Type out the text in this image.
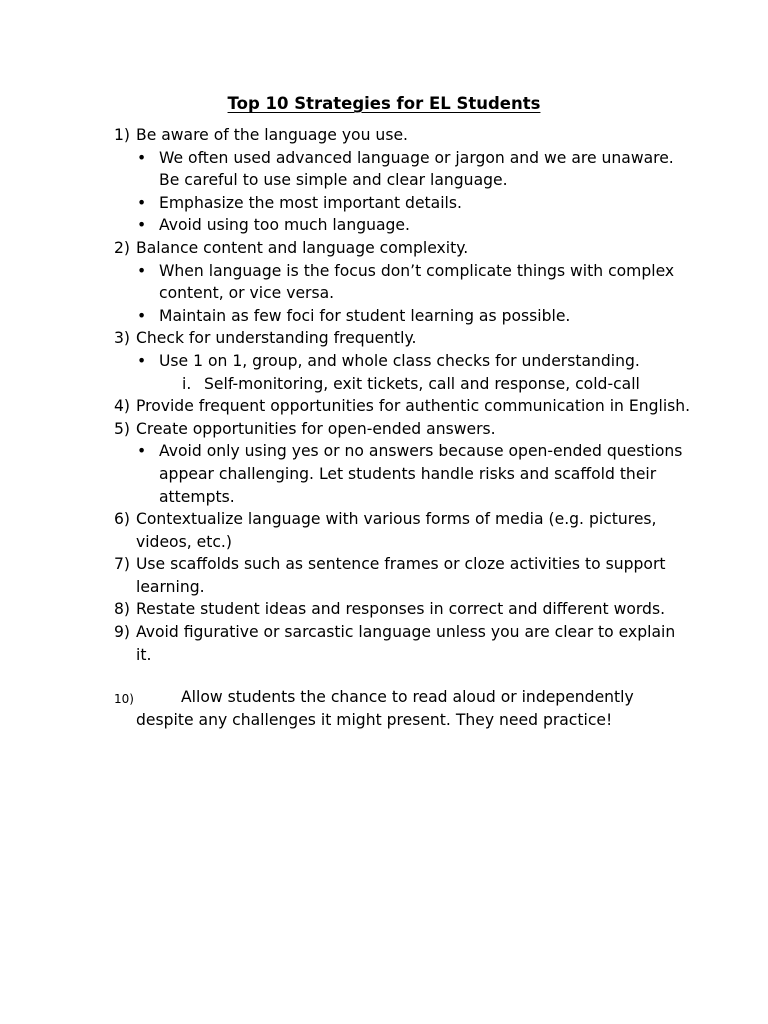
Top 10 Strategies for EL Students
1) Be aware of the language you use.
• We often used advanced language or jargon and we are unaware. Be careful to use simple and clear language.
• Emphasize the most important details.
• Avoid using too much language.
2) Balance content and language complexity.
• When language is the focus don’t complicate things with complex content, or vice versa.
• Maintain as few foci for student learning as possible.
3) Check for understanding frequently.
• Use 1 on 1, group, and whole class checks for understanding.
i. Self-monitoring, exit tickets, call and response, cold-call
4) Provide frequent opportunities for authentic communication in English.
5) Create opportunities for open-ended answers.
• Avoid only using yes or no answers because open-ended questions appear challenging. Let students handle risks and scaffold their attempts.
6) Contextualize language with various forms of media (e.g. pictures, videos, etc.)
7) Use scaffolds such as sentence frames or cloze activities to support learning.
8) Restate student ideas and responses in correct and different words.
9) Avoid figurative or sarcastic language unless you are clear to explain it.
10)	Allow students the chance to read aloud or independently despite any challenges it might present. They need practice!
